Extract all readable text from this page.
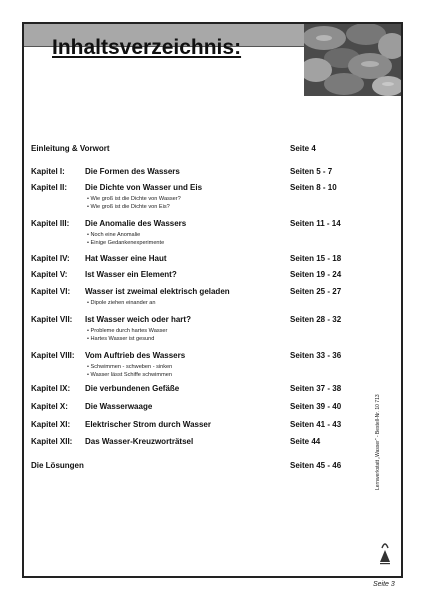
Inhaltsverzeichnis:
Einleitung & Vorwort	Seite 4
Kapitel I:	Die Formen des Wassers	Seiten 5 - 7
Kapitel II: Die Dichte von Wasser und Eis	Seiten 8 - 10
• Wie groß ist die Dichte von Wasser?
• Wie groß ist die Dichte von Eis?
Kapitel III: Die Anomalie des Wassers	Seiten 11 - 14
• Noch eine Anomalie
• Einige Gedankenexperimente
Kapitel IV: Hat Wasser eine Haut	Seiten 15 - 18
Kapitel V: Ist Wasser ein Element?	Seiten 19 - 24
Kapitel VI: Wasser ist zweimal elektrisch geladen	Seiten 25 - 27
• Dipole ziehen einander an
Kapitel VII: Ist Wasser weich oder hart?	Seiten 28 - 32
• Probleme durch hartes Wasser
• Hartes Wasser ist gesund
Kapitel VIII: Vom Auftrieb des Wassers	Seiten 33 - 36
• Schwimmen - schweben - sinken
• Wasser lässt Schiffe schwimmen
Kapitel IX: Die verbundenen Gefäße	Seiten 37 - 38
Kapitel X: Die Wasserwaage	Seiten 39 - 40
Kapitel XI: Elektrischer Strom durch Wasser	Seiten 41 - 43
Kapitel XII: Das Wasser-Kreuzworträtsel	Seite 44
Die Lösungen	Seiten 45 - 46	Lernwerkstatt „Wasser“ - Bestell-Nr. 10 713
Seite 3
